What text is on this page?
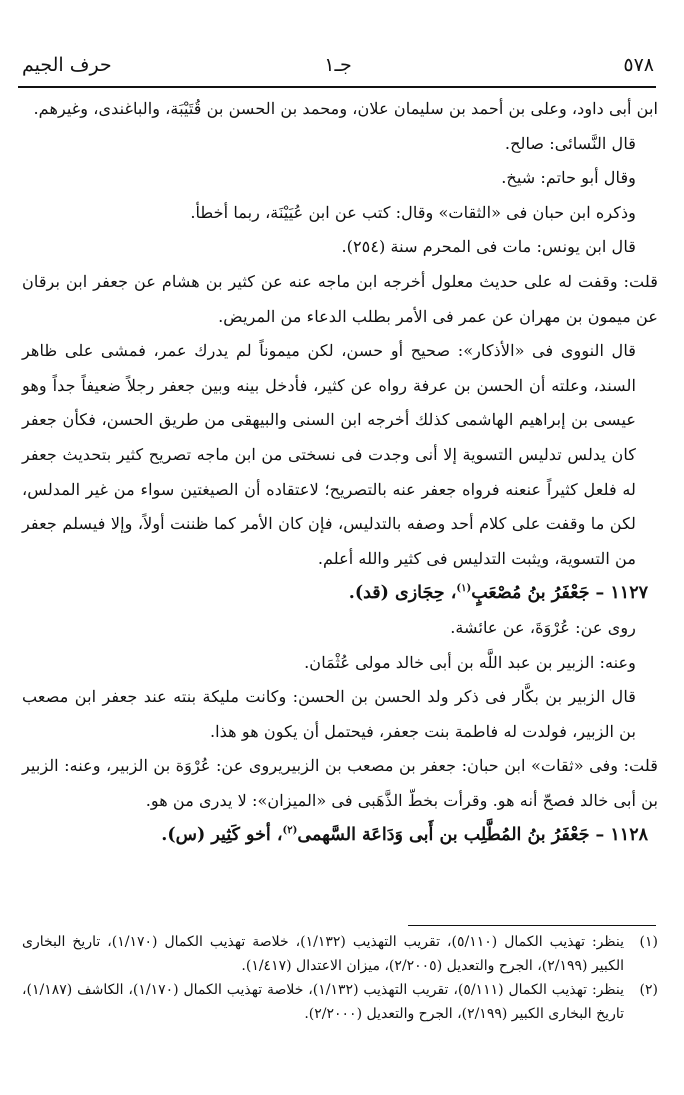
٥٧٨
جـ١
حرف الجيم

ابن أبى داود، وعلى بن أحمد بن سليمان علان، ومحمد بن الحسن بن قُتَيْبَة، والباغندى، وغيرهم.

قال النَّسائى: صالح.

وقال أبو حاتم: شيخ.

وذكره ابن حبان فى «الثقات» وقال: كتب عن ابن عُيَيْنَة، ربما أخطأ.

قال ابن يونس: مات فى المحرم سنة (٢٥٤).

قلت: وقفت له على حديث معلول أخرجه ابن ماجه عنه عن كثير بن هشام عن جعفر ابن برقان عن ميمون بن مهران عن عمر فى الأمر بطلب الدعاء من المريض.

قال النووى فى «الأذكار»: صحيح أو حسن، لكن ميموناً لم يدرك عمر، فمشى على ظاهر السند، وعلته أن الحسن بن عرفة رواه عن كثير، فأدخل بينه وبين جعفر رجلاً ضعيفاً جداً وهو عيسى بن إبراهيم الهاشمى كذلك أخرجه ابن السنى والبيهقى من طريق الحسن، فكأن جعفر كان يدلس تدليس التسوية إلا أنى وجدت فى نسختى من ابن ماجه تصريح كثير بتحديث جعفر له فلعل كثيراً عنعنه فرواه جعفر عنه بالتصريح؛ لاعتقاده أن الصيغتين سواء من غير المدلس، لكن ما وقفت على كلام أحد وصفه بالتدليس، فإن كان الأمر كما ظننت أولاً، وإلا فيسلم جعفر من التسوية، ويثبت التدليس فى كثير والله أعلم.

١١٢٧ –جَعْفَرُ بنُ مُصْعَبٍ$^{(١)}$، حِجَازى (قد).

روى عن: عُرْوَةَ، عن عائشة.

وعنه: الزبير بن عبد اللَّه بن أبى خالد مولى عُثْمَان.

قال الزبير بن بكَّار فى ذكر ولد الحسن بن الحسن: وكانت مليكة بنته عند جعفر ابن مصعب بن الزبير، فولدت له فاطمة بنت جعفر، فيحتمل أن يكون هو هذا.

قلت: وفى «ثقات» ابن حبان: جعفر بن مصعب بن الزبيريروى عن: عُرْوَة بن الزبير، وعنه: الزبير بن أبى خالد فصحّ أنه هو. وقرأت بخطّ الذَّهَبى فى «الميزان»: لا يدرى من هو.

١١٢٨ –جَعْفَرُ بنُ المُطَّلِب بن أَبى وَدَاعَة السَّهمى$^{(٢)}$، أخو كَثِير (س).

(١)
ينظر: تهذيب الكمال (٥/١١٠)، تقريب التهذيب (١/١٣٢)، خلاصة تهذيب الكمال (١/١٧٠)، تاريخ البخارى الكبير (٢/١٩٩)، الجرح والتعديل (٢/٢٠٠٥)، ميزان الاعتدال (١/٤١٧).
(٢)
ينظر: تهذيب الكمال (٥/١١١)، تقريب التهذيب (١/١٣٢)، خلاصة تهذيب الكمال (١/١٧٠)، الكاشف (١/١٨٧)، تاريخ البخارى الكبير (٢/١٩٩)، الجرح والتعديل (٢/٢٠٠٠).
